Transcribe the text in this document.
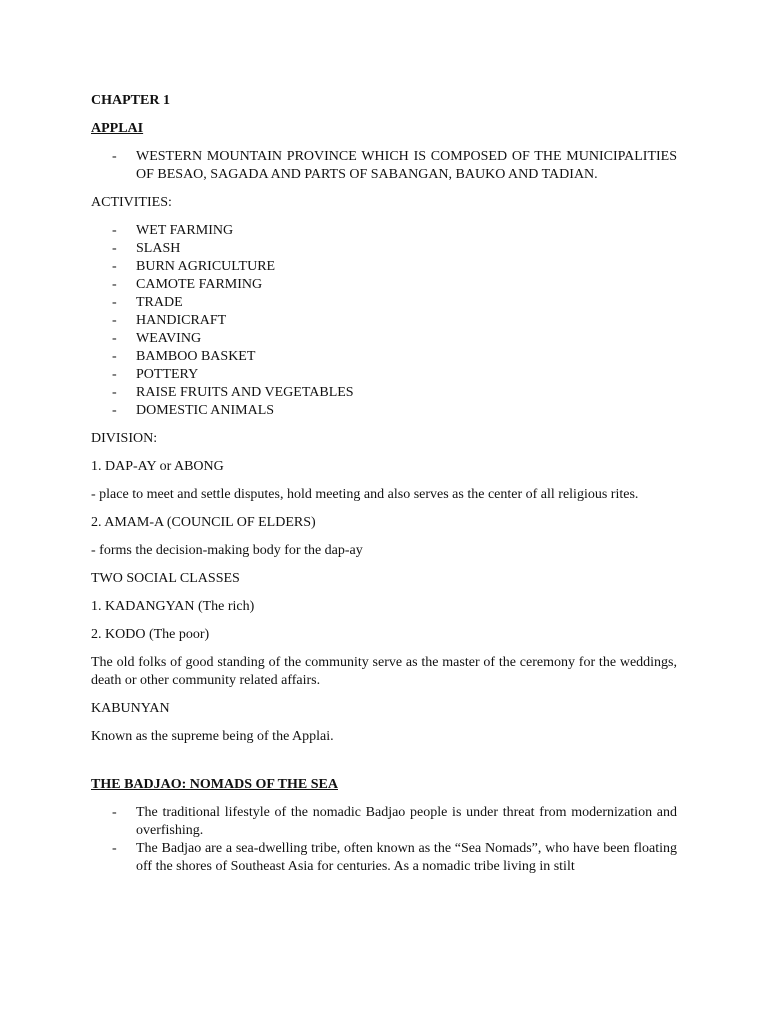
CHAPTER 1

APPLAI

- WESTERN MOUNTAIN PROVINCE WHICH IS COMPOSED OF THE MUNICIPALITIES OF BESAO, SAGADA AND PARTS OF SABANGAN, BAUKO AND TADIAN.

ACTIVITIES:

- WET FARMING
- SLASH
- BURN AGRICULTURE
- CAMOTE FARMING
- TRADE
- HANDICRAFT
- WEAVING
- BAMBOO BASKET
- POTTERY
- RAISE FRUITS AND VEGETABLES
- DOMESTIC ANIMALS

DIVISION:

1. DAP-AY or ABONG

- place to meet and settle disputes, hold meeting and also serves as the center of all religious rites.

2. AMAM-A (COUNCIL OF ELDERS)

- forms the decision-making body for the dap-ay

TWO SOCIAL CLASSES

1. KADANGYAN (The rich)

2. KODO (The poor)

The old folks of good standing of the community serve as the master of the ceremony for the weddings, death or other community related affairs.

KABUNYAN

Known as the supreme being of the Applai.

THE BADJAO: NOMADS OF THE SEA

- The traditional lifestyle of the nomadic Badjao people is under threat from modernization and overfishing.
- The Badjao are a sea-dwelling tribe, often known as the “Sea Nomads”, who have been floating off the shores of Southeast Asia for centuries. As a nomadic tribe living in stilt
